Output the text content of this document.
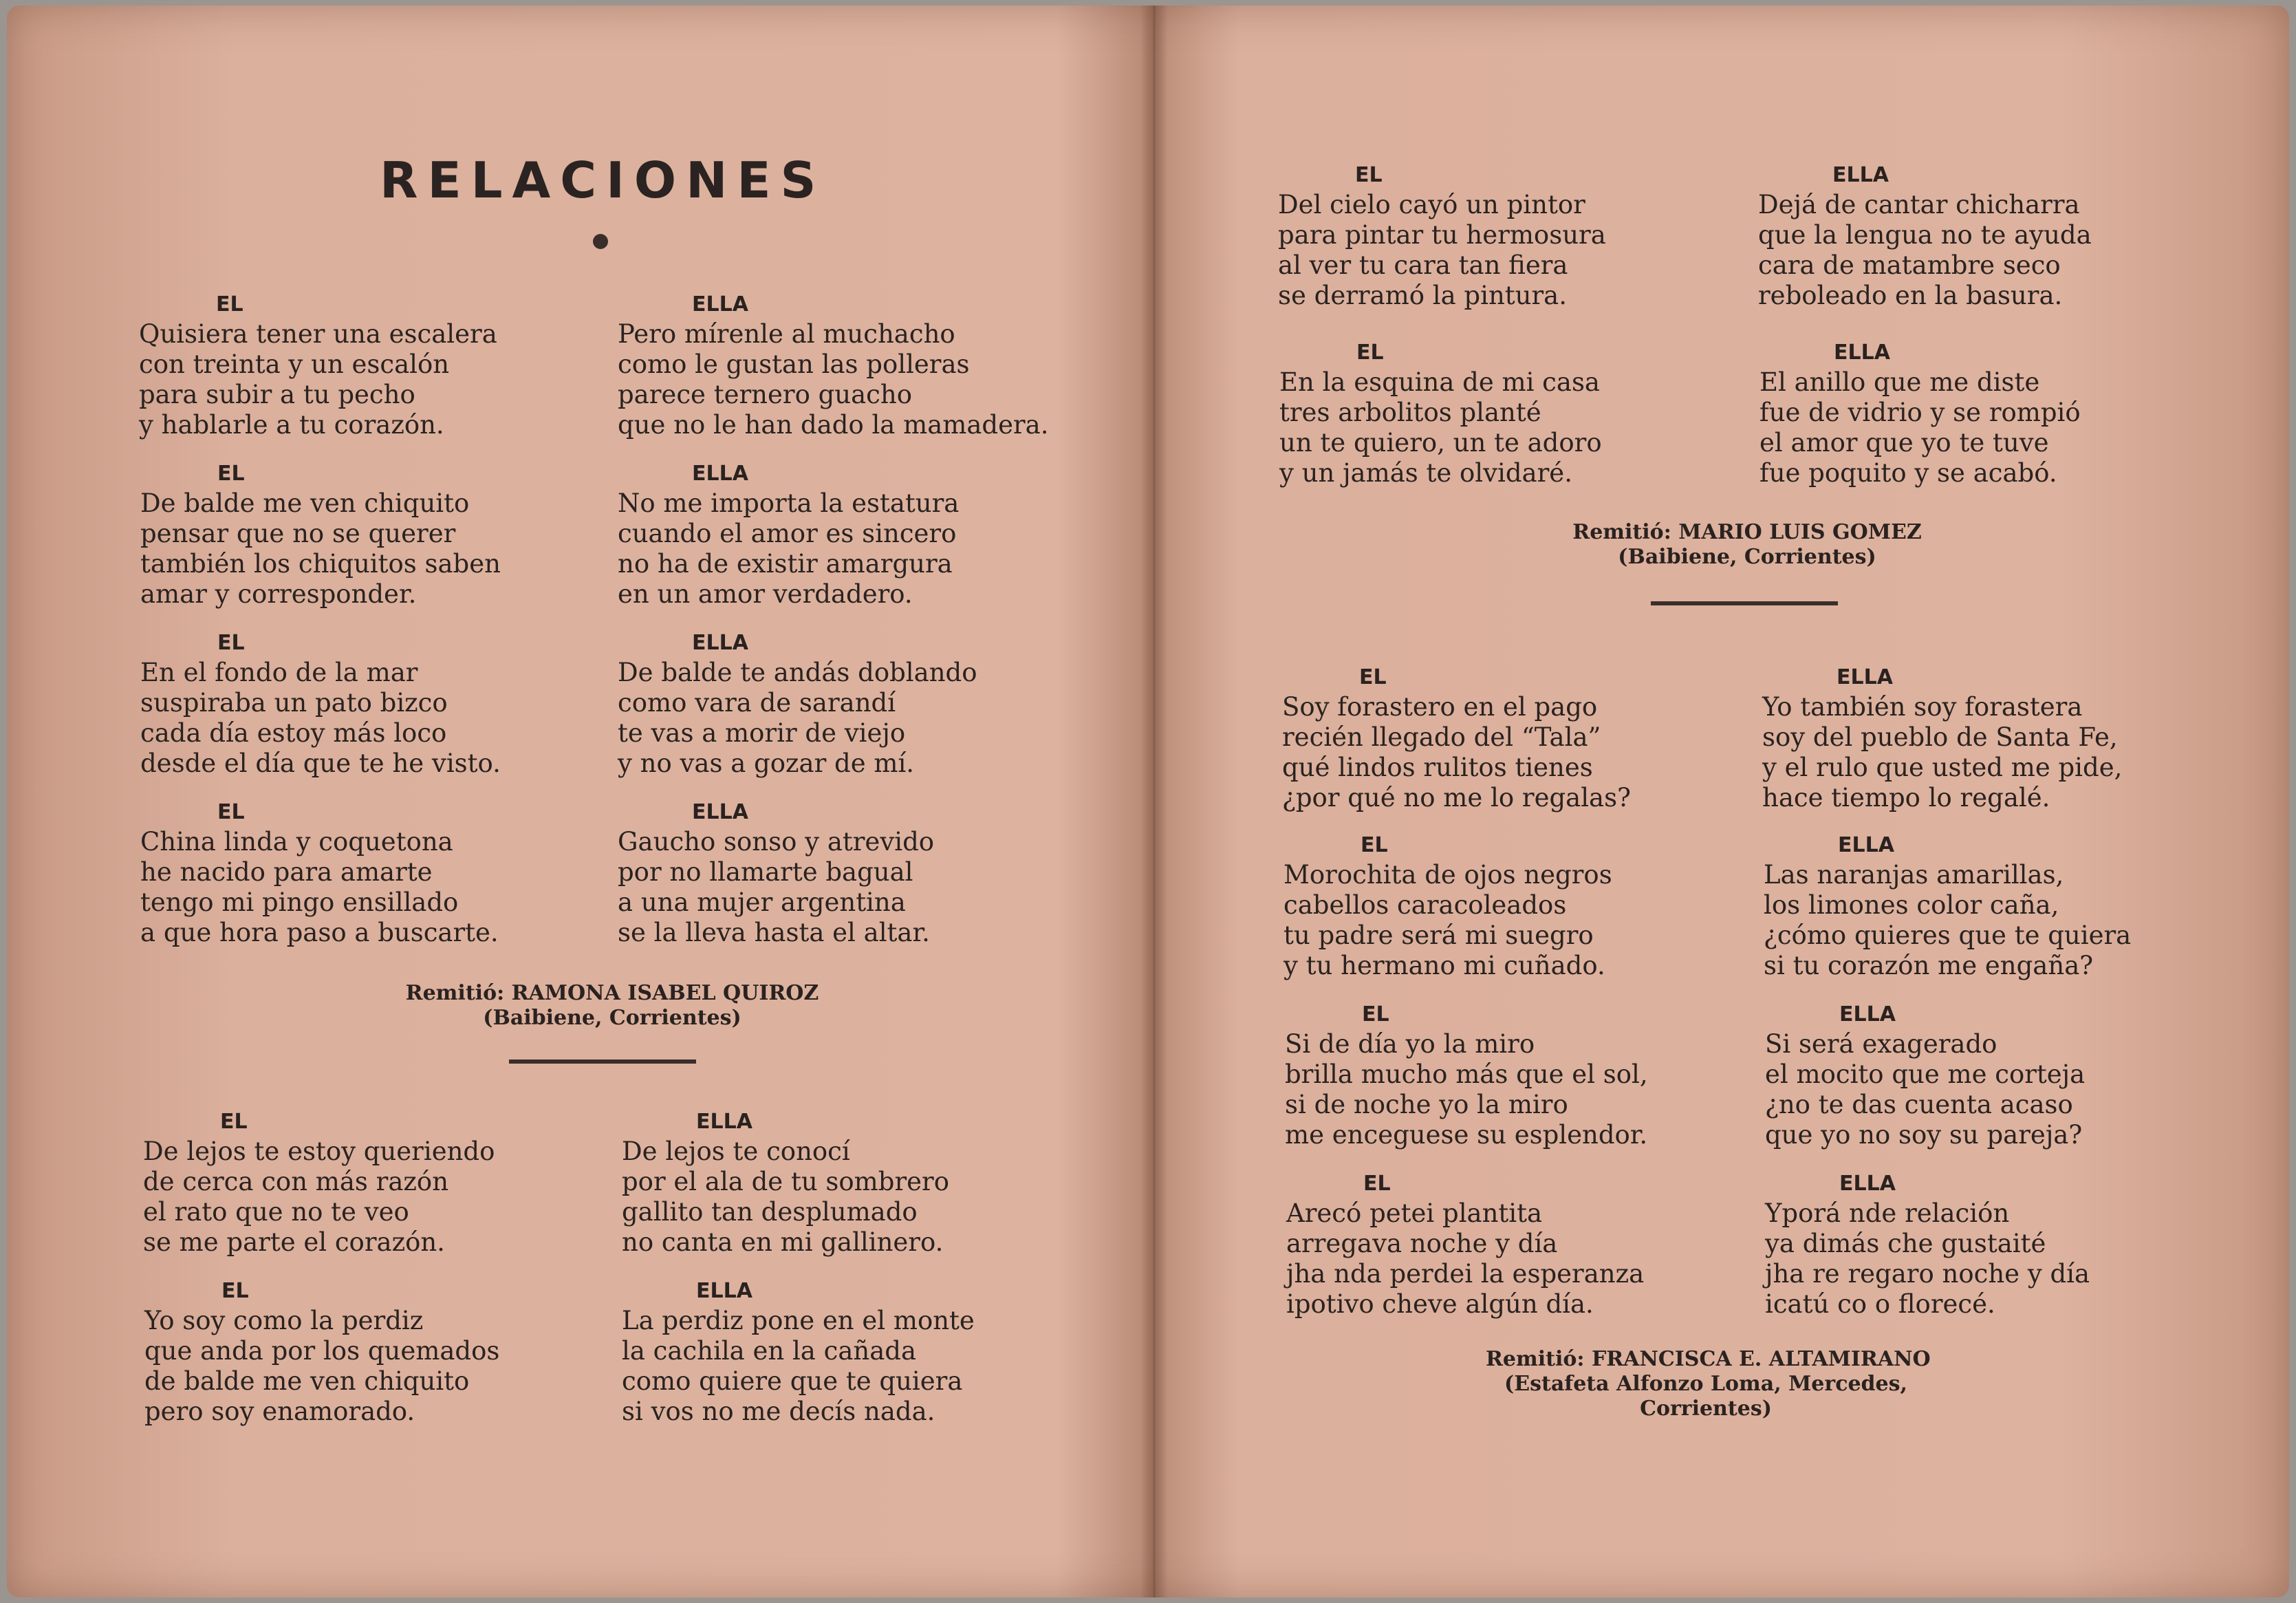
RELACIONES
EL
Quisiera tener una escalera
con treinta y un escalón
para subir a tu pecho
y hablarle a tu corazón.
ELLA
Pero mírenle al muchacho
como le gustan las polleras
parece ternero guacho
que no le han dado la mamadera.
EL
De balde me ven chiquito
pensar que no se querer
también los chiquitos saben
amar y corresponder.
ELLA
No me importa la estatura
cuando el amor es sincero
no ha de existir amargura
en un amor verdadero.
EL
En el fondo de la mar
suspiraba un pato bizco
cada día estoy más loco
desde el día que te he visto.
ELLA
De balde te andás doblando
como vara de sarandí
te vas a morir de viejo
y no vas a gozar de mí.
EL
China linda y coquetona
he nacido para amarte
tengo mi pingo ensillado
a que hora paso a buscarte.
ELLA
Gaucho sonso y atrevido
por no llamarte bagual
a una mujer argentina
se la lleva hasta el altar.
Remitió: RAMONA ISABEL QUIROZ
(Baibiene, Corrientes)
EL
De lejos te estoy queriendo
de cerca con más razón
el rato que no te veo
se me parte el corazón.
ELLA
De lejos te conocí
por el ala de tu sombrero
gallito tan desplumado
no canta en mi gallinero.
EL
Yo soy como la perdiz
que anda por los quemados
de balde me ven chiquito
pero soy enamorado.
ELLA
La perdiz pone en el monte
la cachila en la cañada
como quiere que te quiera
si vos no me decís nada.
EL
Del cielo cayó un pintor
para pintar tu hermosura
al ver tu cara tan fiera
se derramó la pintura.
ELLA
Dejá de cantar chicharra
que la lengua no te ayuda
cara de matambre seco
reboleado en la basura.
EL
En la esquina de mi casa
tres arbolitos planté
un te quiero, un te adoro
y un jamás te olvidaré.
ELLA
El anillo que me diste
fue de vidrio y se rompió
el amor que yo te tuve
fue poquito y se acabó.
Remitió: MARIO LUIS GOMEZ
(Baibiene, Corrientes)
EL
Soy forastero en el pago
recién llegado del “Tala”
qué lindos rulitos tienes
¿por qué no me lo regalas?
ELLA
Yo también soy forastera
soy del pueblo de Santa Fe,
y el rulo que usted me pide,
hace tiempo lo regalé.
EL
Morochita de ojos negros
cabellos caracoleados
tu padre será mi suegro
y tu hermano mi cuñado.
ELLA
Las naranjas amarillas,
los limones color caña,
¿cómo quieres que te quiera
si tu corazón me engaña?
EL
Si de día yo la miro
brilla mucho más que el sol,
si de noche yo la miro
me enceguese su esplendor.
ELLA
Si será exagerado
el mocito que me corteja
¿no te das cuenta acaso
que yo no soy su pareja?
EL
Arecó petei plantita
arregava noche y día
jha nda perdei la esperanza
ipotivo cheve algún día.
ELLA
Yporá nde relación
ya dimás che gustaité
jha re regaro noche y día
icatú co o florecé.
Remitió: FRANCISCA E. ALTAMIRANO
(Estafeta Alfonzo Loma, Mercedes,
Corrientes)
